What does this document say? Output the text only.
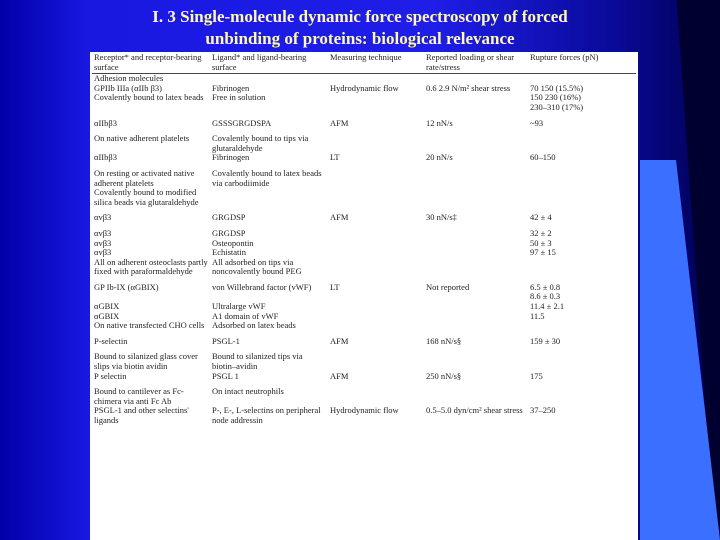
I. 3 Single-molecule dynamic force spectroscopy of forced
unbinding of proteins: biological relevance
Receptor* and receptor-bearing surface	Ligand* and ligand-bearing surface	Measuring technique	Reported loading or shear rate/stress	Rupture forces (pN)
Adhesion molecules				
GPIIb IIIa (αIIb β3)	Fibrinogen	Hydrodynamic flow	0.6 2.9 N/m² shear stress	70 150 (15.5%)
Covalently bound to latex beads	Free in solution			150 230 (16%)
				230–310 (17%)
αIIbβ3	GSSSGRGDSPA	AFM	12 nN/s	~93
On native adherent platelets	Covalently bound to tips via glutaraldehyde			
αIIbβ3	Fibrinogen	LT	20 nN/s	60–150
On resting or activated native adherent platelets	Covalently bound to latex beads via carbodiimide			
Covalently bound to modified silica beads via glutaraldehyde				
αvβ3	GRGDSP	AFM	30 nN/s‡	42 ± 4
αvβ3	GRGDSP			32 ± 2
αvβ3	Osteopontin			50 ± 3
αvβ3	Echistatin			97 ± 15
All on adherent osteoclasts partly fixed with paraformaldehyde	All adsorbed on tips via noncovalently bound PEG			
GP Ib-IX (αGBIX)	von Willebrand factor (vWF)	LT	Not reported	6.5 ± 0.8
				8.6 ± 0.3
αGBIX	Ultralarge vWF			11.4 ± 2.1
αGBIX	A1 domain of vWF			11.5
On native transfected CHO cells	Adsorbed on latex beads			
P-selectin	PSGL-1	AFM	168 nN/s§	159 ± 30
Bound to silanized glass cover slips via biotin avidin	Bound to silanized tips via biotin–avidin			
P selectin	PSGL 1	AFM	250 nN/s§	175
Bound to cantilever as Fc-chimera via anti Fc Ab	On intact neutrophils			
PSGL-1 and other selectins' ligands	P-, E-, L-selectins on peripheral node addressin	Hydrodynamic flow	0.5–5.0 dyn/cm² shear stress	37–250
